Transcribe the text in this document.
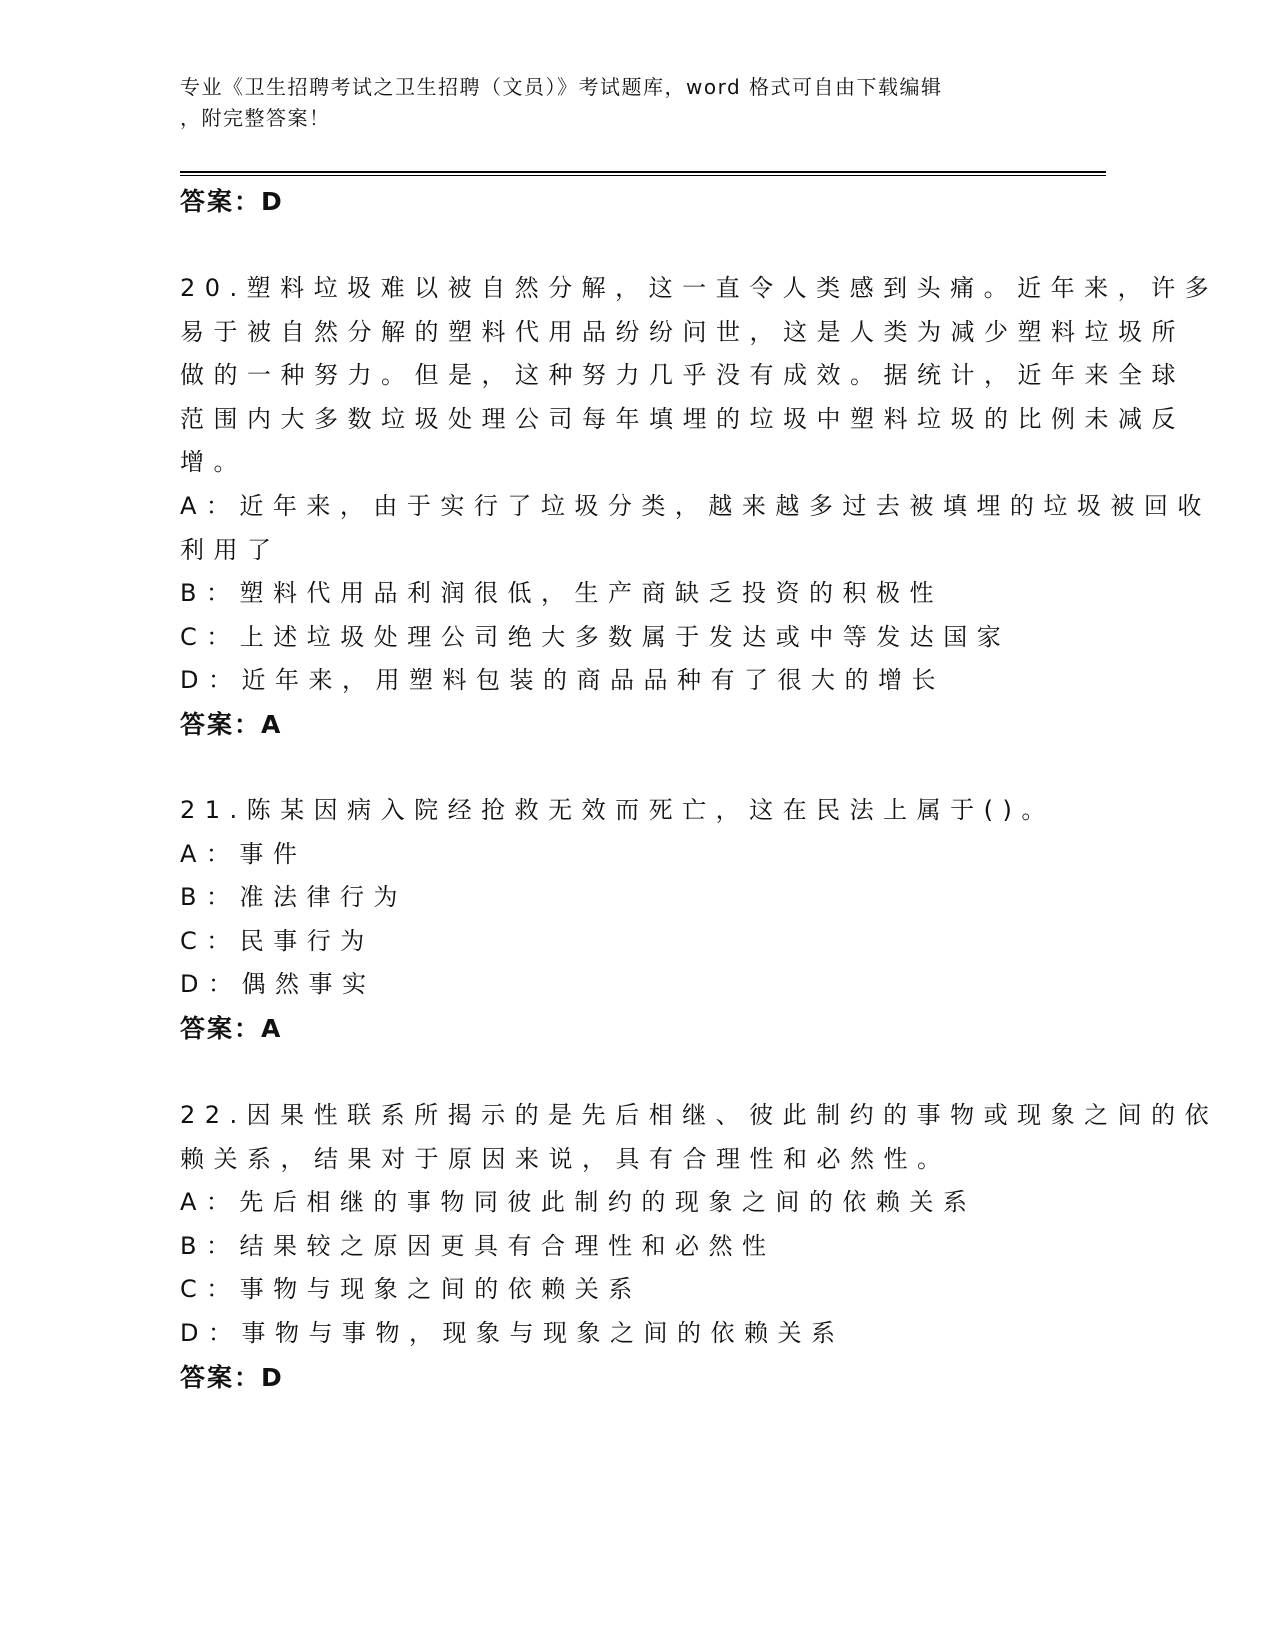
专业《卫生招聘考试之卫生招聘（文员）》考试题库，word 格式可自由下载编辑
，附完整答案！
答案：D
20.塑料垃圾难以被自然分解，这一直令人类感到头痛。近年来，许多
易于被自然分解的塑料代用品纷纷问世，这是人类为减少塑料垃圾所
做的一种努力。但是，这种努力几乎没有成效。据统计，近年来全球
范围内大多数垃圾处理公司每年填埋的垃圾中塑料垃圾的比例未减反
增。
A：近年来，由于实行了垃圾分类，越来越多过去被填埋的垃圾被回收
利用了
B：塑料代用品利润很低，生产商缺乏投资的积极性
C：上述垃圾处理公司绝大多数属于发达或中等发达国家
D：近年来，用塑料包装的商品品种有了很大的增长
答案：A
21.陈某因病入院经抢救无效而死亡，这在民法上属于()。
A：事件
B：准法律行为
C：民事行为
D：偶然事实
答案：A
22.因果性联系所揭示的是先后相继、彼此制约的事物或现象之间的依
赖关系，结果对于原因来说，具有合理性和必然性。
A：先后相继的事物同彼此制约的现象之间的依赖关系
B：结果较之原因更具有合理性和必然性
C：事物与现象之间的依赖关系
D：事物与事物，现象与现象之间的依赖关系
答案：D
